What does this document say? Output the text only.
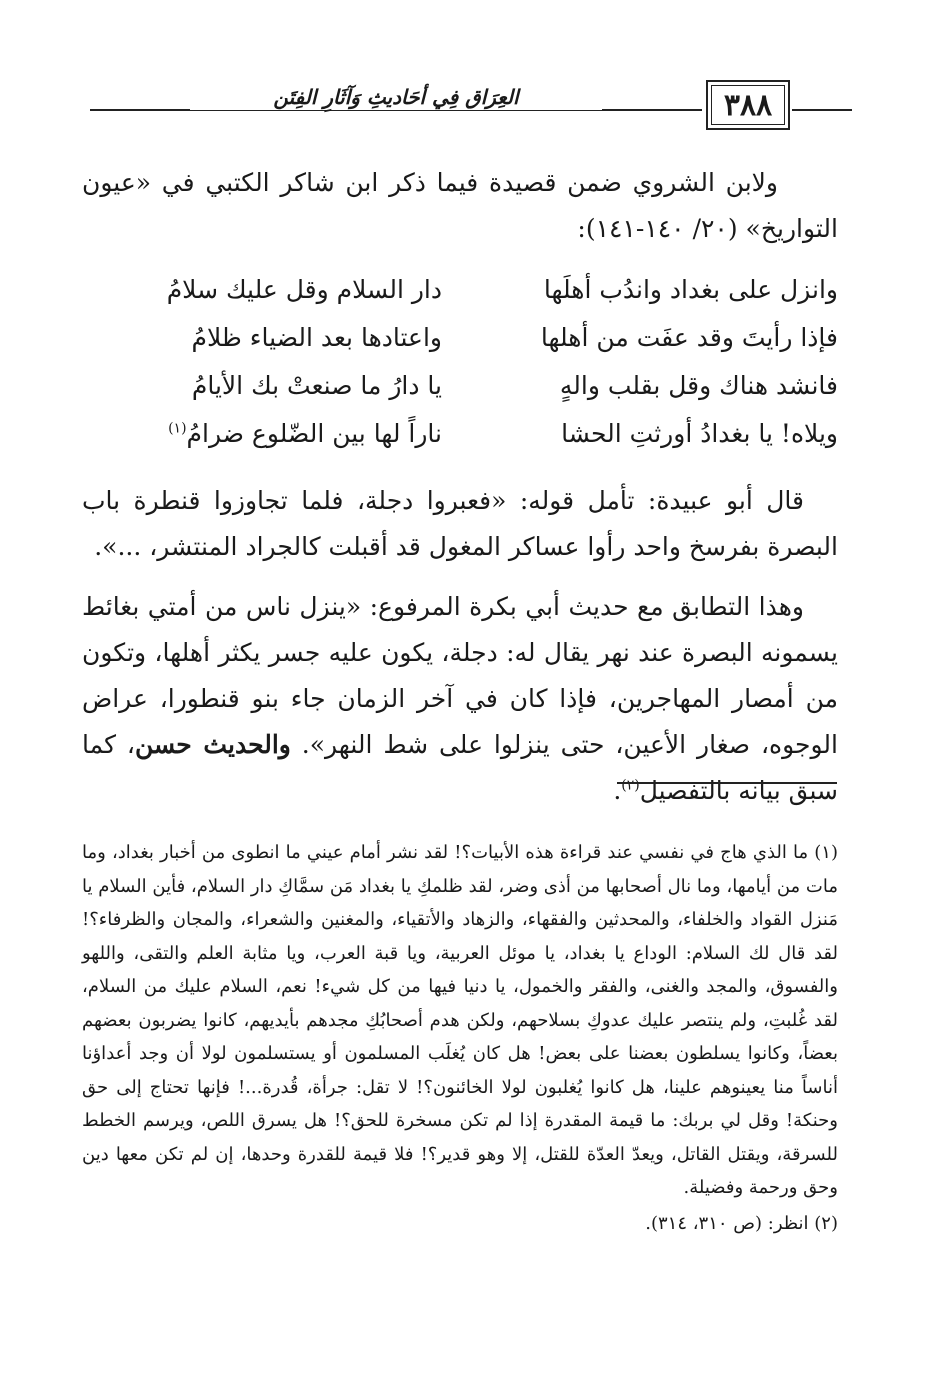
العِرَاق فِي أحَاديثِ وَآثَارِ الفِتَن	٣٨٨

ولابن الشروي ضمن قصيدة فيما ذكر ابن شاكر الكتبي في «عيون التواريخ» (٢٠/ ١٤٠-١٤١):

وانزل على بغداد واندُب أهلَها
دار السلام وقل عليك سلامُ
فإذا رأيتَ وقد عفَت من أهلها
واعتادها بعد الضياء ظلامُ
فانشد هناك وقل بقلب والهٍ
يا دارُ ما صنعتْ بك الأيامُ
ويلاه! يا بغدادُ أورثتِ الحشا
ناراً لها بين الضّلوع ضرامُ$^{(١)}$

قال أبو عبيدة: تأمل قوله: «فعبروا دجلة، فلما تجاوزوا قنطرة باب البصرة بفرسخ واحد رأوا عساكر المغول قد أقبلت كالجراد المنتشر، ...».

وهذا التطابق مع حديث أبي بكرة المرفوع: «ينزل ناس من أمتي بغائط يسمونه البصرة عند نهر يقال له: دجلة، يكون عليه جسر يكثر أهلها، وتكون من أمصار المهاجرين، فإذا كان في آخر الزمان جاء بنو قنطورا، عراض الوجوه، صغار الأعين، حتى ينزلوا على شط النهر». والحديث حسن، كما سبق بيانه بالتفصيل$^{(٢)}$.

(١) ما الذي هاج في نفسي عند قراءة هذه الأبيات؟! لقد نشر أمام عيني ما انطوى من أخبار بغداد، وما مات من أيامها، وما نال أصحابها من أذى وضر، لقد ظلمكِ يا بغداد مَن سمَّاكِ دار السلام، فأين السلام يا مَنزل القواد والخلفاء، والمحدثين والفقهاء، والزهاد والأتقياء، والمغنين والشعراء، والمجان والظرفاء؟! لقد قال لك السلام: الوداع يا بغداد، يا موئل العربية، ويا قبة العرب، ويا مثابة العلم والتقى، واللهو والفسوق، والمجد والغنى، والفقر والخمول، يا دنيا فيها من كل شيء! نعم، السلام عليك من السلام، لقد غُلبتِ، ولم ينتصر عليك عدوكِ بسلاحهم، ولكن هدم أصحابُكِ مجدهم بأيديهم، كانوا يضربون بعضهم بعضاً، وكانوا يسلطون بعضنا على بعض! هل كان يُغلَب المسلمون أو يستسلمون لولا أن وجد أعداؤنا أناساً منا يعينوهم علينا، هل كانوا يُغلبون لولا الخائنون؟! لا تقل: جرأة، قُدرة...! فإنها تحتاج إلى حق وحنكة! وقل لي بربك: ما قيمة المقدرة إذا لم تكن مسخرة للحق؟! هل يسرق اللص، ويرسم الخطط للسرقة، ويقتل القاتل، ويعدّ العدّة للقتل، إلا وهو قدير؟! فلا قيمة للقدرة وحدها، إن لم تكن معها دين وحق ورحمة وفضيلة.

(٢) انظر: (ص ٣١٠، ٣١٤).
